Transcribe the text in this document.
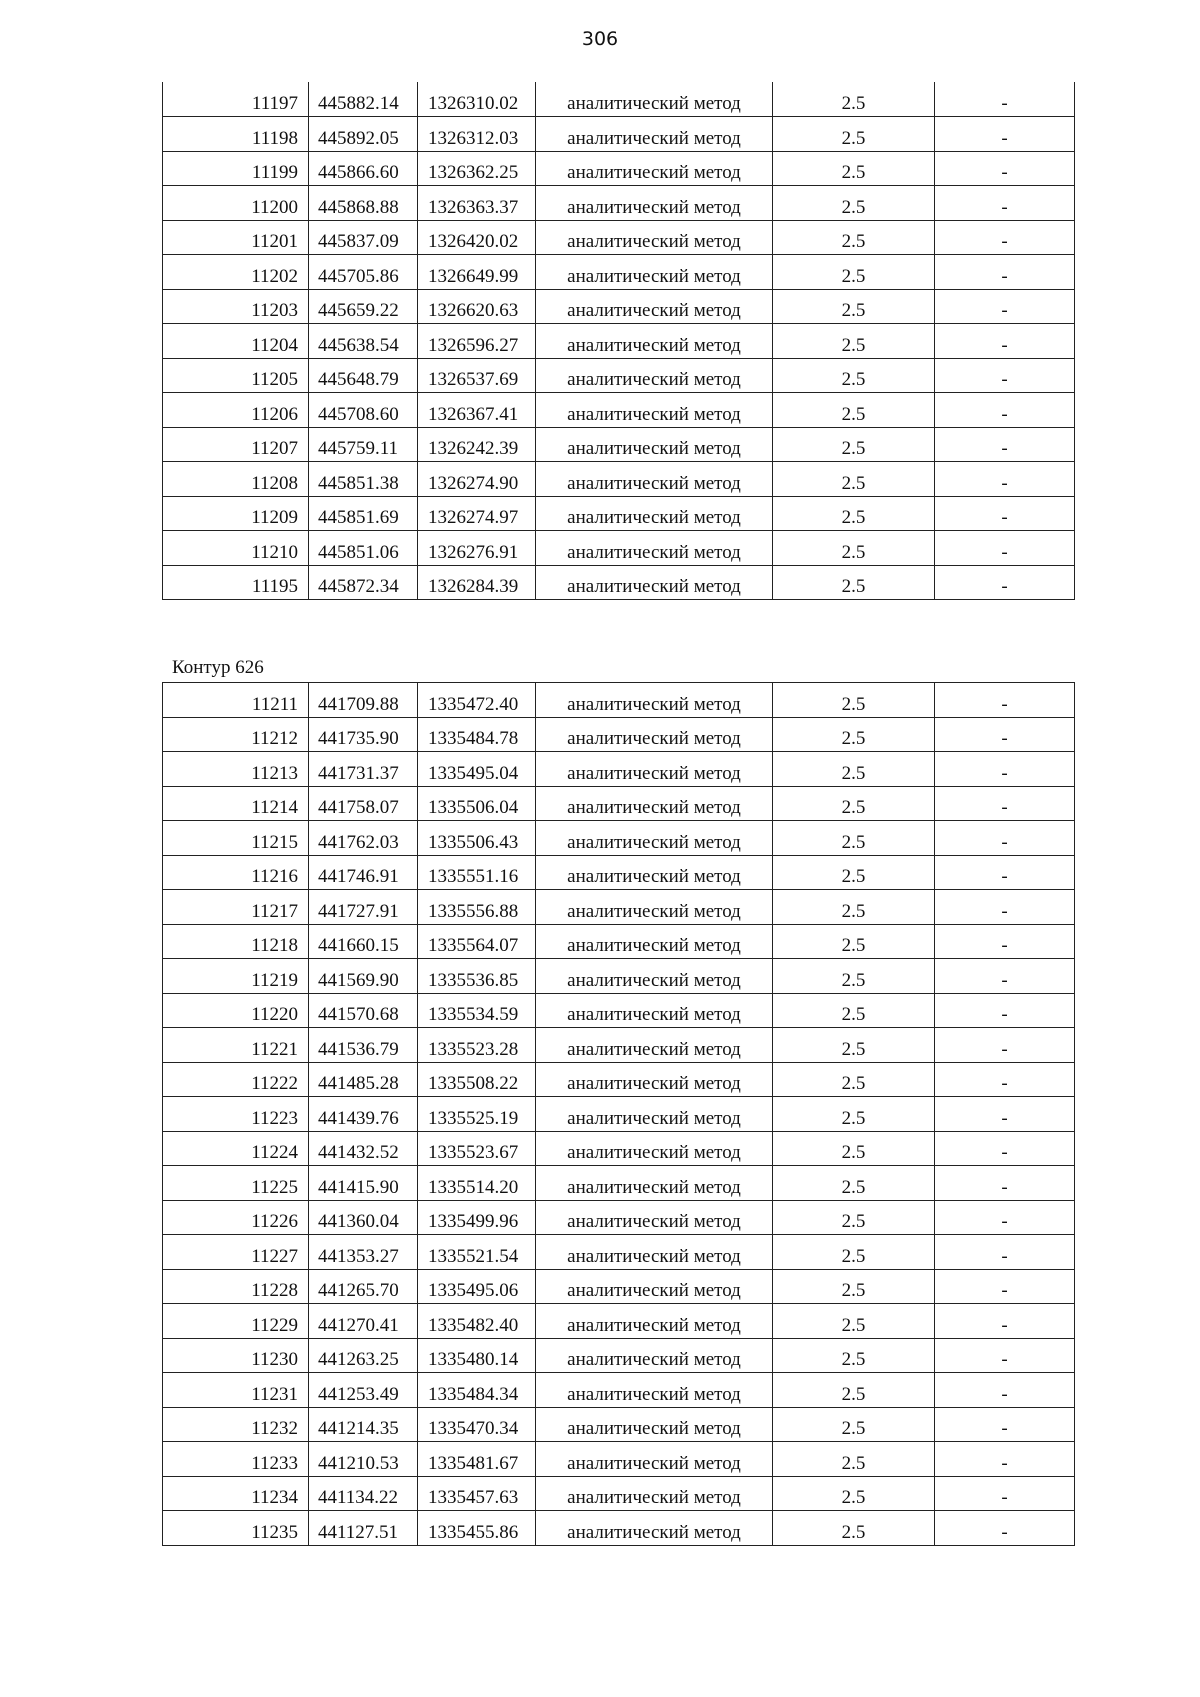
306
11197	445882.14	1326310.02	аналитический метод	2.5	-
11198	445892.05	1326312.03	аналитический метод	2.5	-
11199	445866.60	1326362.25	аналитический метод	2.5	-
11200	445868.88	1326363.37	аналитический метод	2.5	-
11201	445837.09	1326420.02	аналитический метод	2.5	-
11202	445705.86	1326649.99	аналитический метод	2.5	-
11203	445659.22	1326620.63	аналитический метод	2.5	-
11204	445638.54	1326596.27	аналитический метод	2.5	-
11205	445648.79	1326537.69	аналитический метод	2.5	-
11206	445708.60	1326367.41	аналитический метод	2.5	-
11207	445759.11	1326242.39	аналитический метод	2.5	-
11208	445851.38	1326274.90	аналитический метод	2.5	-
11209	445851.69	1326274.97	аналитический метод	2.5	-
11210	445851.06	1326276.91	аналитический метод	2.5	-
11195	445872.34	1326284.39	аналитический метод	2.5	-
Контур 626
11211	441709.88	1335472.40	аналитический метод	2.5	-
11212	441735.90	1335484.78	аналитический метод	2.5	-
11213	441731.37	1335495.04	аналитический метод	2.5	-
11214	441758.07	1335506.04	аналитический метод	2.5	-
11215	441762.03	1335506.43	аналитический метод	2.5	-
11216	441746.91	1335551.16	аналитический метод	2.5	-
11217	441727.91	1335556.88	аналитический метод	2.5	-
11218	441660.15	1335564.07	аналитический метод	2.5	-
11219	441569.90	1335536.85	аналитический метод	2.5	-
11220	441570.68	1335534.59	аналитический метод	2.5	-
11221	441536.79	1335523.28	аналитический метод	2.5	-
11222	441485.28	1335508.22	аналитический метод	2.5	-
11223	441439.76	1335525.19	аналитический метод	2.5	-
11224	441432.52	1335523.67	аналитический метод	2.5	-
11225	441415.90	1335514.20	аналитический метод	2.5	-
11226	441360.04	1335499.96	аналитический метод	2.5	-
11227	441353.27	1335521.54	аналитический метод	2.5	-
11228	441265.70	1335495.06	аналитический метод	2.5	-
11229	441270.41	1335482.40	аналитический метод	2.5	-
11230	441263.25	1335480.14	аналитический метод	2.5	-
11231	441253.49	1335484.34	аналитический метод	2.5	-
11232	441214.35	1335470.34	аналитический метод	2.5	-
11233	441210.53	1335481.67	аналитический метод	2.5	-
11234	441134.22	1335457.63	аналитический метод	2.5	-
11235	441127.51	1335455.86	аналитический метод	2.5	-
